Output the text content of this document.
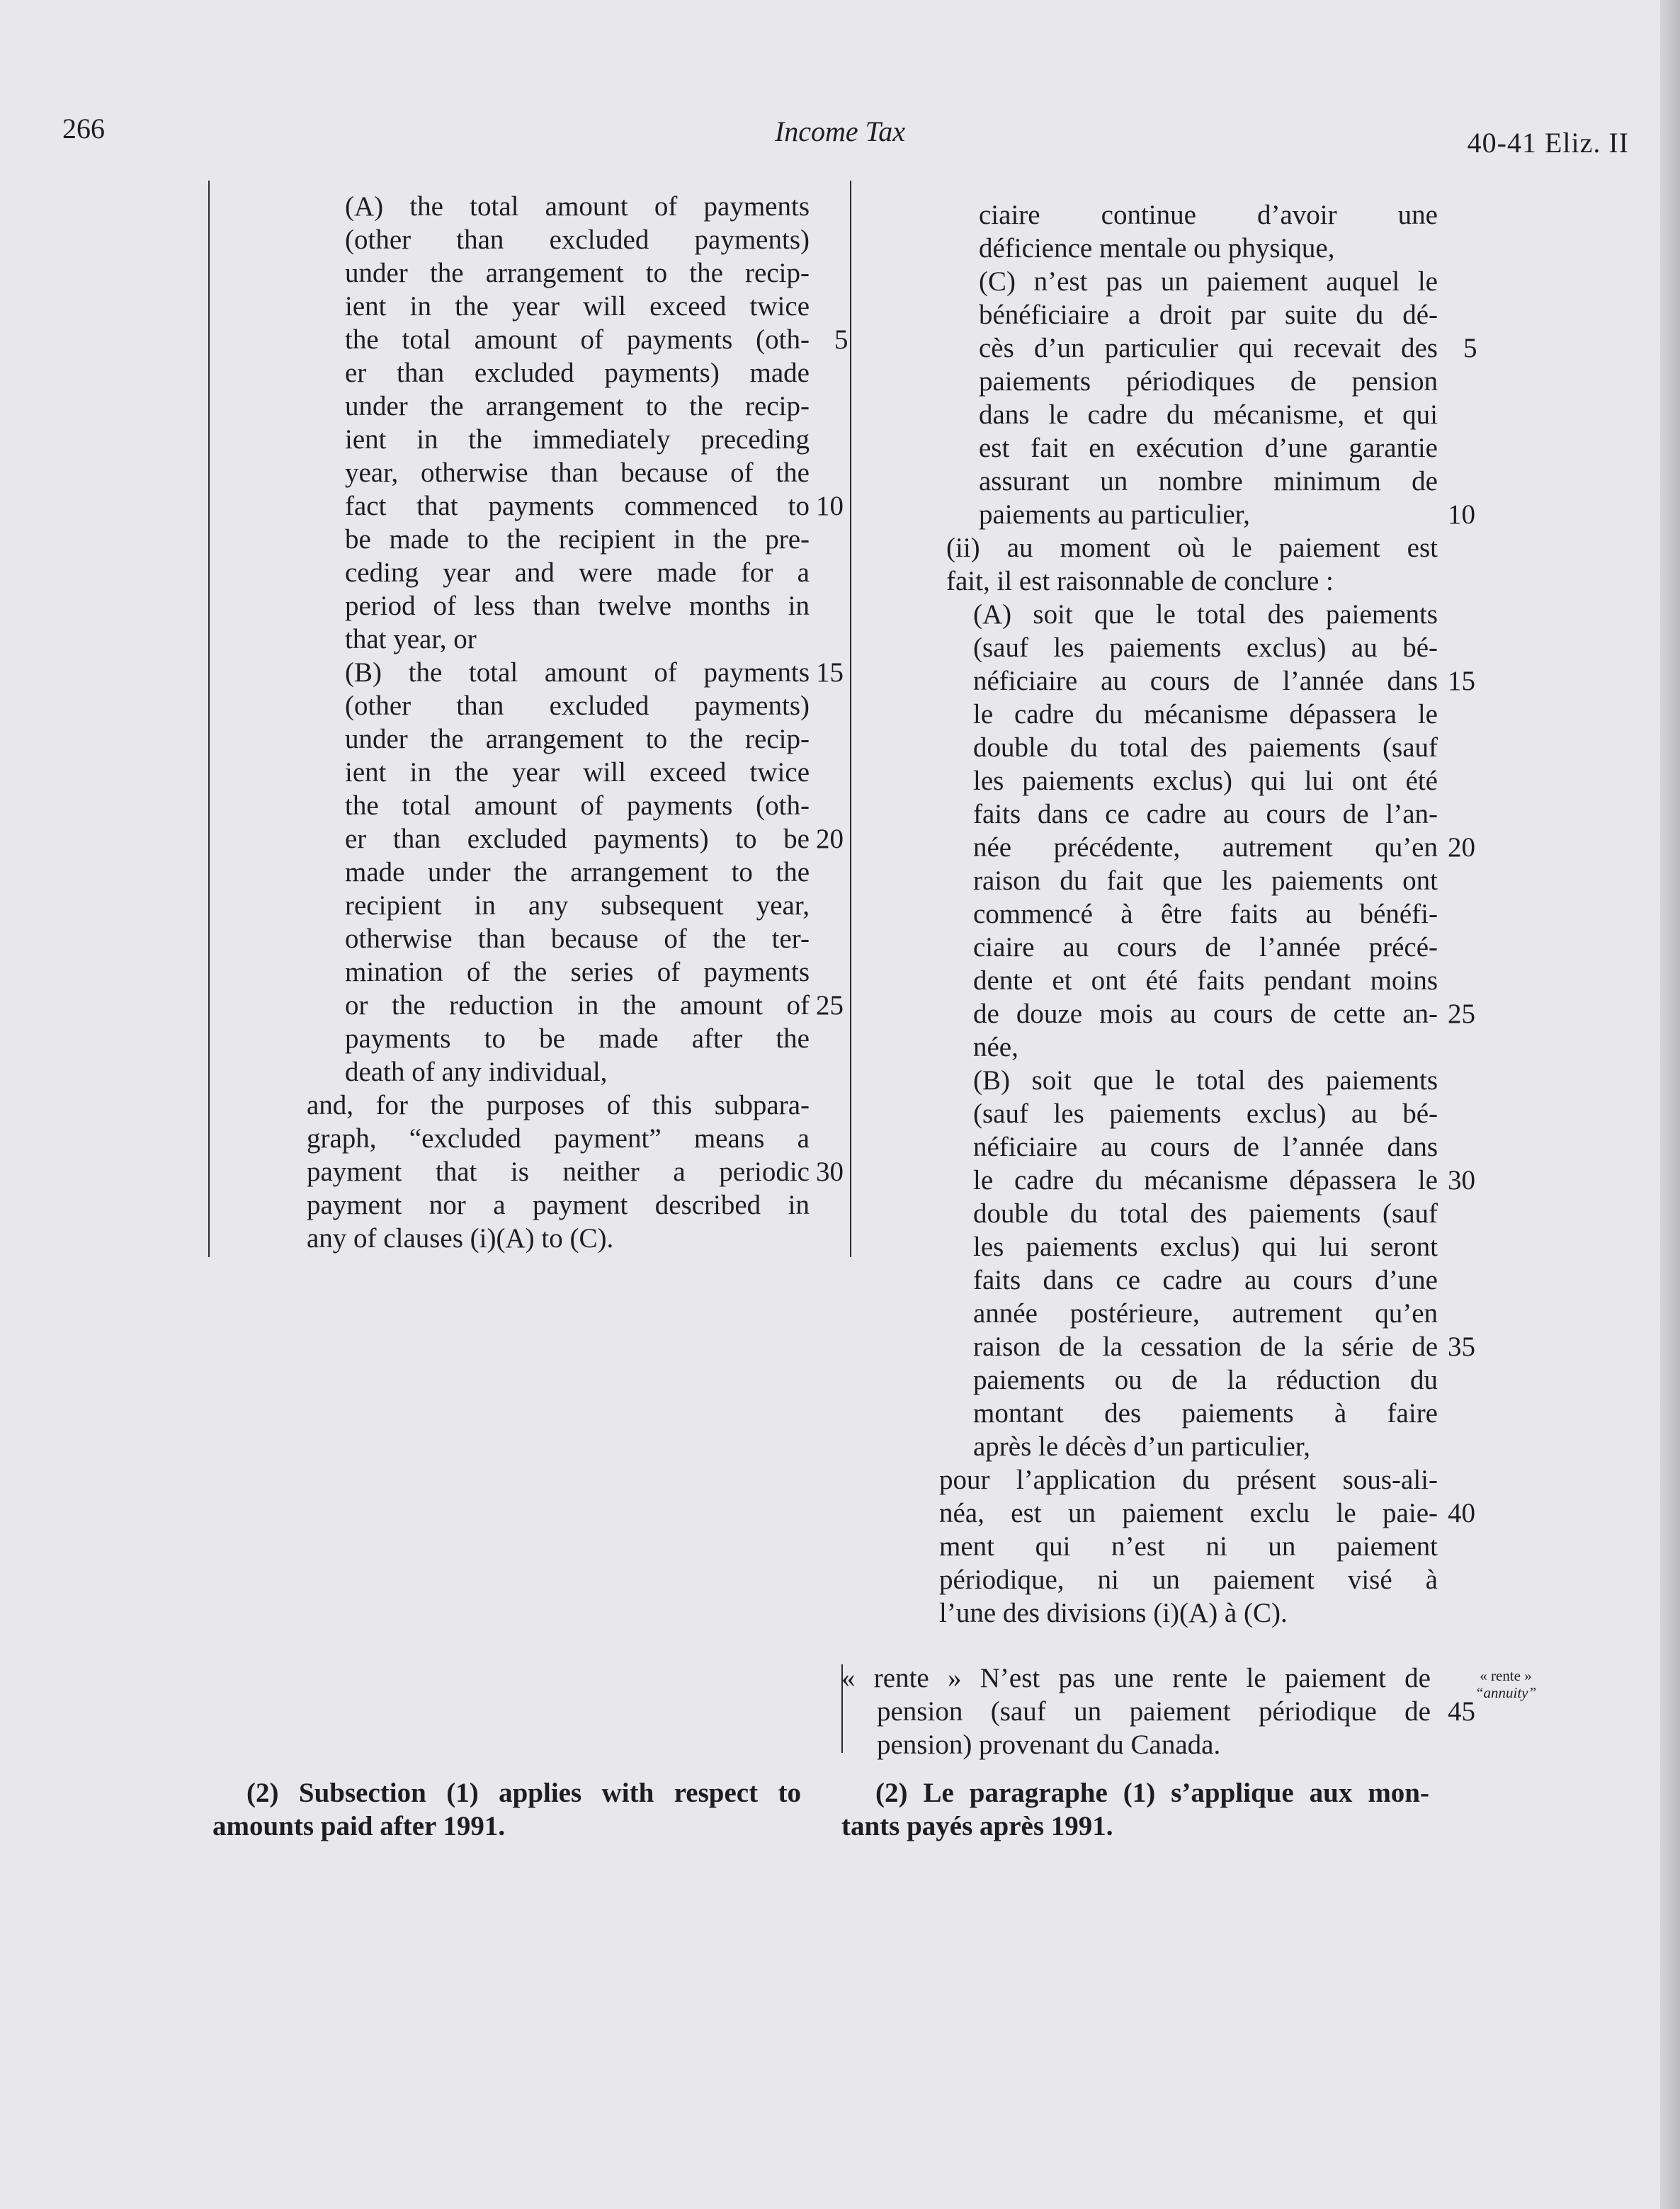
266	Income Tax	40-41 Eliz. II
(A) the total amount of payments
(other than excluded payments)
under the arrangement to the recip-
ient in the year will exceed twice
the total amount of payments (oth-
er than excluded payments) made
under the arrangement to the recip-
ient in the immediately preceding
year, otherwise than because of the
fact that payments commenced to
be made to the recipient in the pre-
ceding year and were made for a
period of less than twelve months in
that year, or
(B) the total amount of payments
(other than excluded payments)
under the arrangement to the recip-
ient in the year will exceed twice
the total amount of payments (oth-
er than excluded payments) to be
made under the arrangement to the
recipient in any subsequent year,
otherwise than because of the ter-
mination of the series of payments
or the reduction in the amount of
payments to be made after the
death of any individual,
and, for the purposes of this subpara-
graph, “excluded payment” means a
payment that is neither a periodic
payment nor a payment described in
any of clauses (i)(A) to (C).
5
10
15
20
25
30
(2) Subsection (1) applies with respect to
amounts paid after 1991.
ciaire continue d’avoir une
déficience mentale ou physique,
(C) n’est pas un paiement auquel le
bénéficiaire a droit par suite du dé-
cès d’un particulier qui recevait des
paiements périodiques de pension
dans le cadre du mécanisme, et qui
est fait en exécution d’une garantie
assurant un nombre minimum de
paiements au particulier,
(ii) au moment où le paiement est
fait, il est raisonnable de conclure :
(A) soit que le total des paiements
(sauf les paiements exclus) au bé-
néficiaire au cours de l’année dans
le cadre du mécanisme dépassera le
double du total des paiements (sauf
les paiements exclus) qui lui ont été
faits dans ce cadre au cours de l’an-
née précédente, autrement qu’en
raison du fait que les paiements ont
commencé à être faits au bénéfi-
ciaire au cours de l’année précé-
dente et ont été faits pendant moins
de douze mois au cours de cette an-
née,
(B) soit que le total des paiements
(sauf les paiements exclus) au bé-
néficiaire au cours de l’année dans
le cadre du mécanisme dépassera le
double du total des paiements (sauf
les paiements exclus) qui lui seront
faits dans ce cadre au cours d’une
année postérieure, autrement qu’en
raison de la cessation de la série de
paiements ou de la réduction du
montant des paiements à faire
après le décès d’un particulier,
pour l’application du présent sous-ali-
néa, est un paiement exclu le paie-
ment qui n’est ni un paiement
périodique, ni un paiement visé à
l’une des divisions (i)(A) à (C).
« rente » N’est pas une rente le paiement de
pension (sauf un paiement périodique de
pension) provenant du Canada.
5
10
15
20
25
30
35
40
45
« rente »
“annuity”
(2) Le paragraphe (1) s’applique aux mon-
tants payés après 1991.
